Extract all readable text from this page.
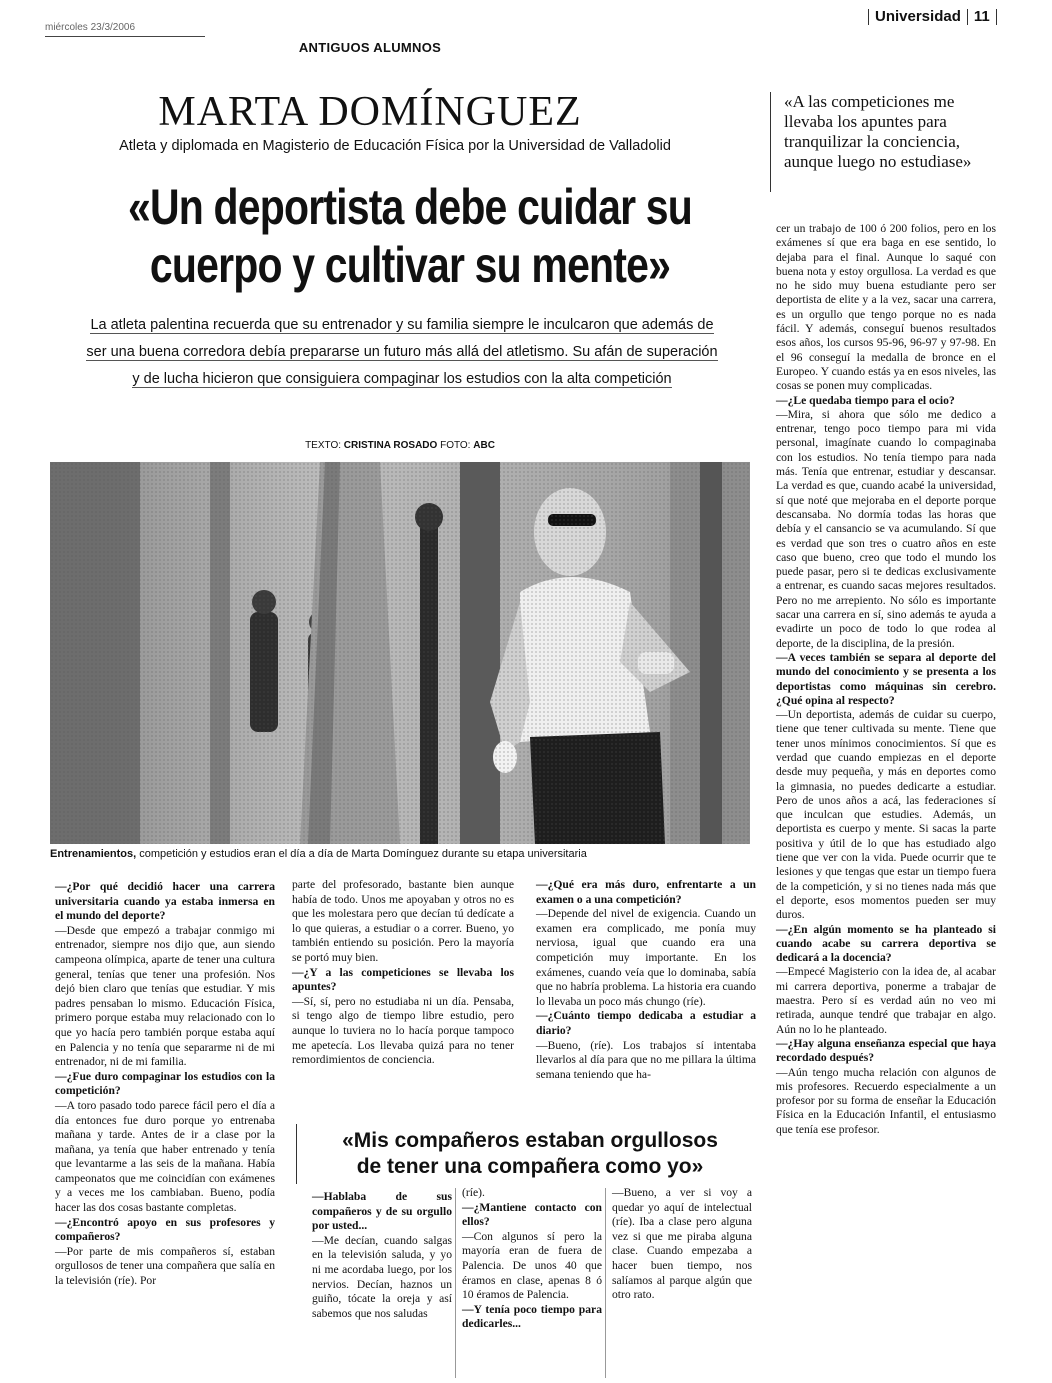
miércoles 23/3/2006
Universidad 11
ANTIGUOS ALUMNOS
MARTA DOMÍNGUEZ
Atleta y diplomada en Magisterio de Educación Física por la Universidad de Valladolid
«Un deportista debe cuidar su
cuerpo y cultivar su mente»
La atleta palentina recuerda que su entrenador y su familia siempre le inculcaron que además de
ser una buena corredora debía prepararse un futuro más allá del atletismo. Su afán de superación
y de lucha hicieron que consiguiera compaginar los estudios con la alta competición
TEXTO: CRISTINA ROSADO FOTO: ABC
Entrenamientos, competición y estudios eran el día a día de Marta Domínguez durante su etapa universitaria
«A las competiciones me llevaba los apuntes para tranquilizar la conciencia, aunque luego no estudiase»

—¿Por qué decidió hacer una carrera universitaria cuando ya estaba inmersa en el mundo del deporte?

—Desde que empezó a trabajar conmigo mi entrenador, siempre nos dijo que, aun siendo campeona olímpica, aparte de tener una cultura general, tenías que tener una profesión. Nos dejó bien claro que tenías que estudiar. Y mis padres pensaban lo mismo. Educación Física, primero porque estaba muy relacionado con lo que yo hacía pero también porque estaba aquí en Palencia y no tenía que separarme ni de mi entrenador, ni de mi familia.

—¿Fue duro compaginar los estudios con la competición?

—A toro pasado todo parece fácil pero el día a día entonces fue duro porque yo entrenaba mañana y tarde. Antes de ir a clase por la mañana, ya tenía que haber entrenado y tenía que levantarme a las seis de la mañana. Había campeonatos que me coincidían con exámenes y a veces me los cambiaban. Bueno, podía hacer las dos cosas bastante completas.

—¿Encontró apoyo en sus profesores y compañeros?

—Por parte de mis compañeros sí, estaban orgullosos de tener una compañera que salía en la televisión (ríe). Por

parte del profesorado, bastante bien aunque había de todo. Unos me apoyaban y otros no es que les molestara pero que decían tú dedícate a lo que quieras, a estudiar o a correr. Bueno, yo también entiendo su posición. Pero la mayoría se portó muy bien.

—¿Y a las competiciones se llevaba los apuntes?

—Sí, sí, pero no estudiaba ni un día. Pensaba, si tengo algo de tiempo libre estudio, pero aunque lo tuviera no lo hacía porque tampoco me apetecía. Los llevaba quizá para no tener remordimientos de conciencia.

—¿Qué era más duro, enfrentarte a un examen o a una competición?

—Depende del nivel de exigencia. Cuando un examen era complicado, me ponía muy nerviosa, igual que cuando era una competición muy importante. En los exámenes, cuando veía que lo dominaba, sabía que no habría problema. La historia era cuando lo llevaba un poco más chungo (ríe).

—¿Cuánto tiempo dedicaba a estudiar a diario?

—Bueno, (ríe). Los trabajos sí intentaba llevarlos al día para que no me pillara la última semana teniendo que ha-

«Mis compañeros estaban orgullosos
de tener una compañera como yo»

—Hablaba de sus compañeros y de su orgullo por usted...

—Me decían, cuando salgas en la televisión saluda, y yo ni me acordaba luego, por los nervios. Decían, haznos un guiño, tócate la oreja y así sabemos que nos saludas

(ríe).

—¿Mantiene contacto con ellos?

—Con algunos sí pero la mayoría eran de fuera de Palencia. De unos 40 que éramos en clase, apenas 8 ó 10 éramos de Palencia.

—Y tenía poco tiempo para dedicarles...

—Bueno, a ver si voy a quedar yo aquí de intelectual (ríe). Iba a clase pero alguna vez si que me piraba alguna clase. Cuando empezaba a hacer buen tiempo, nos salíamos al parque algún que otro rato.

cer un trabajo de 100 ó 200 folios, pero en los exámenes sí que era baga en ese sentido, lo dejaba para el final. Aunque lo saqué con buena nota y estoy orgullosa. La verdad es que no he sido muy buena estudiante pero ser deportista de elite y a la vez, sacar una carrera, es un orgullo que tengo porque no es nada fácil. Y además, conseguí buenos resultados esos años, los cursos 95-96, 96-97 y 97-98. En el 96 conseguí la medalla de bronce en el Europeo. Y cuando estás ya en esos niveles, las cosas se ponen muy complicadas.

—¿Le quedaba tiempo para el ocio?

—Mira, si ahora que sólo me dedico a entrenar, tengo poco tiempo para mi vida personal, imagínate cuando lo compaginaba con los estudios. No tenía tiempo para nada más. Tenía que entrenar, estudiar y descansar. La verdad es que, cuando acabé la universidad, sí que noté que mejoraba en el deporte porque descansaba. No dormía todas las horas que debía y el cansancio se va acumulando. Sí que es verdad que son tres o cuatro años en este caso que bueno, creo que todo el mundo los puede pasar, pero si te dedicas exclusivamente a entrenar, es cuando sacas mejores resultados. Pero no me arrepiento. No sólo es importante sacar una carrera en sí, sino además te ayuda a evadirte un poco de todo lo que rodea al deporte, de la disciplina, de la presión.

—A veces también se separa al deporte del mundo del conocimiento y se presenta a los deportistas como máquinas sin cerebro. ¿Qué opina al respecto?

—Un deportista, además de cuidar su cuerpo, tiene que tener cultivada su mente. Tiene que tener unos mínimos conocimientos. Sí que es verdad que cuando empiezas en el deporte desde muy pequeña, y más en deportes como la gimnasia, no puedes dedicarte a estudiar. Pero de unos años a acá, las federaciones sí que inculcan que estudies. Además, un deportista es cuerpo y mente. Si sacas la parte positiva y útil de lo que has estudiado algo tiene que ver con la vida. Puede ocurrir que te lesiones y que tengas que estar un tiempo fuera de la competición, y si no tienes nada más que el deporte, esos momentos pueden ser muy duros.

—¿En algún momento se ha planteado si cuando acabe su carrera deportiva se dedicará a la docencia?

—Empecé Magisterio con la idea de, al acabar mi carrera deportiva, ponerme a trabajar de maestra. Pero sí es verdad aún no veo mi retirada, aunque tendré que trabajar en algo. Aún no lo he planteado.

—¿Hay alguna enseñanza especial que haya recordado después?

—Aún tengo mucha relación con algunos de mis profesores. Recuerdo especialmente a un profesor por su forma de enseñar la Educación Física en la Educación Infantil, el entusiasmo que tenía ese profesor.
